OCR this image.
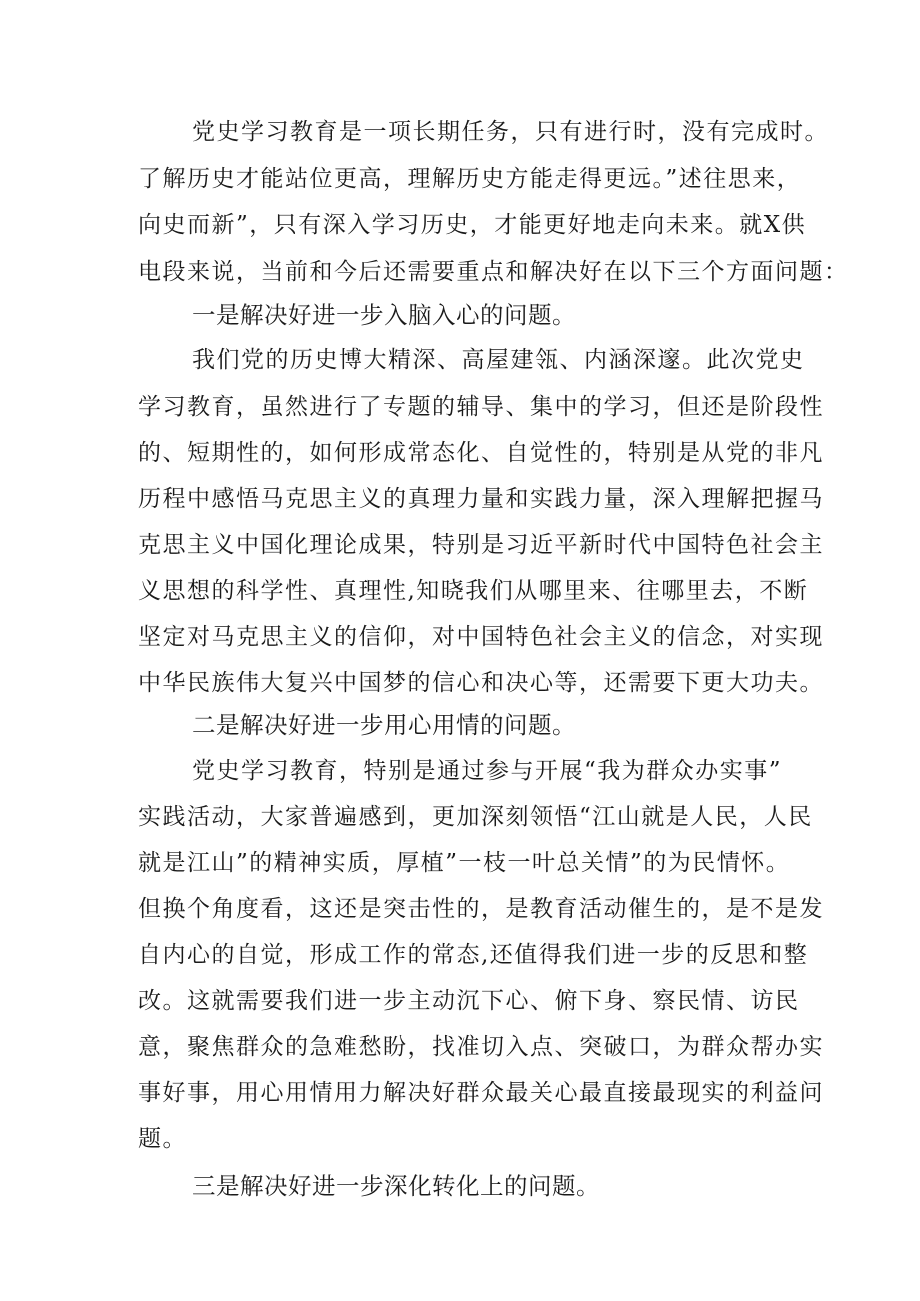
党史学习教育是一项长期任务，只有进行时，没有完成时。
了解历史才能站位更高，理解历史方能走得更远。”述往思来，
向史而新”，只有深入学习历史，才能更好地走向未来。就X供
电段来说，当前和今后还需要重点和解决好在以下三个方面问题：
一是解决好进一步入脑入心的问题。
我们党的历史博大精深、高屋建瓴、内涵深邃。此次党史
学习教育，虽然进行了专题的辅导、集中的学习，但还是阶段性
的、短期性的，如何形成常态化、自觉性的，特别是从党的非凡
历程中感悟马克思主义的真理力量和实践力量，深入理解把握马
克思主义中国化理论成果，特别是习近平新时代中国特色社会主
义思想的科学性、真理性,知晓我们从哪里来、往哪里去，不断
坚定对马克思主义的信仰，对中国特色社会主义的信念，对实现
中华民族伟大复兴中国梦的信心和决心等，还需要下更大功夫。
二是解决好进一步用心用情的问题。
党史学习教育，特别是通过参与开展“我为群众办实事”
实践活动，大家普遍感到，更加深刻领悟“江山就是人民，人民
就是江山”的精神实质，厚植”一枝一叶总关情”的为民情怀。
但换个角度看，这还是突击性的，是教育活动催生的，是不是发
自内心的自觉，形成工作的常态,还值得我们进一步的反思和整
改。这就需要我们进一步主动沉下心、俯下身、察民情、访民
意，聚焦群众的急难愁盼，找准切入点、突破口，为群众帮办实
事好事，用心用情用力解决好群众最关心最直接最现实的利益问
题。
三是解决好进一步深化转化上的问题。
